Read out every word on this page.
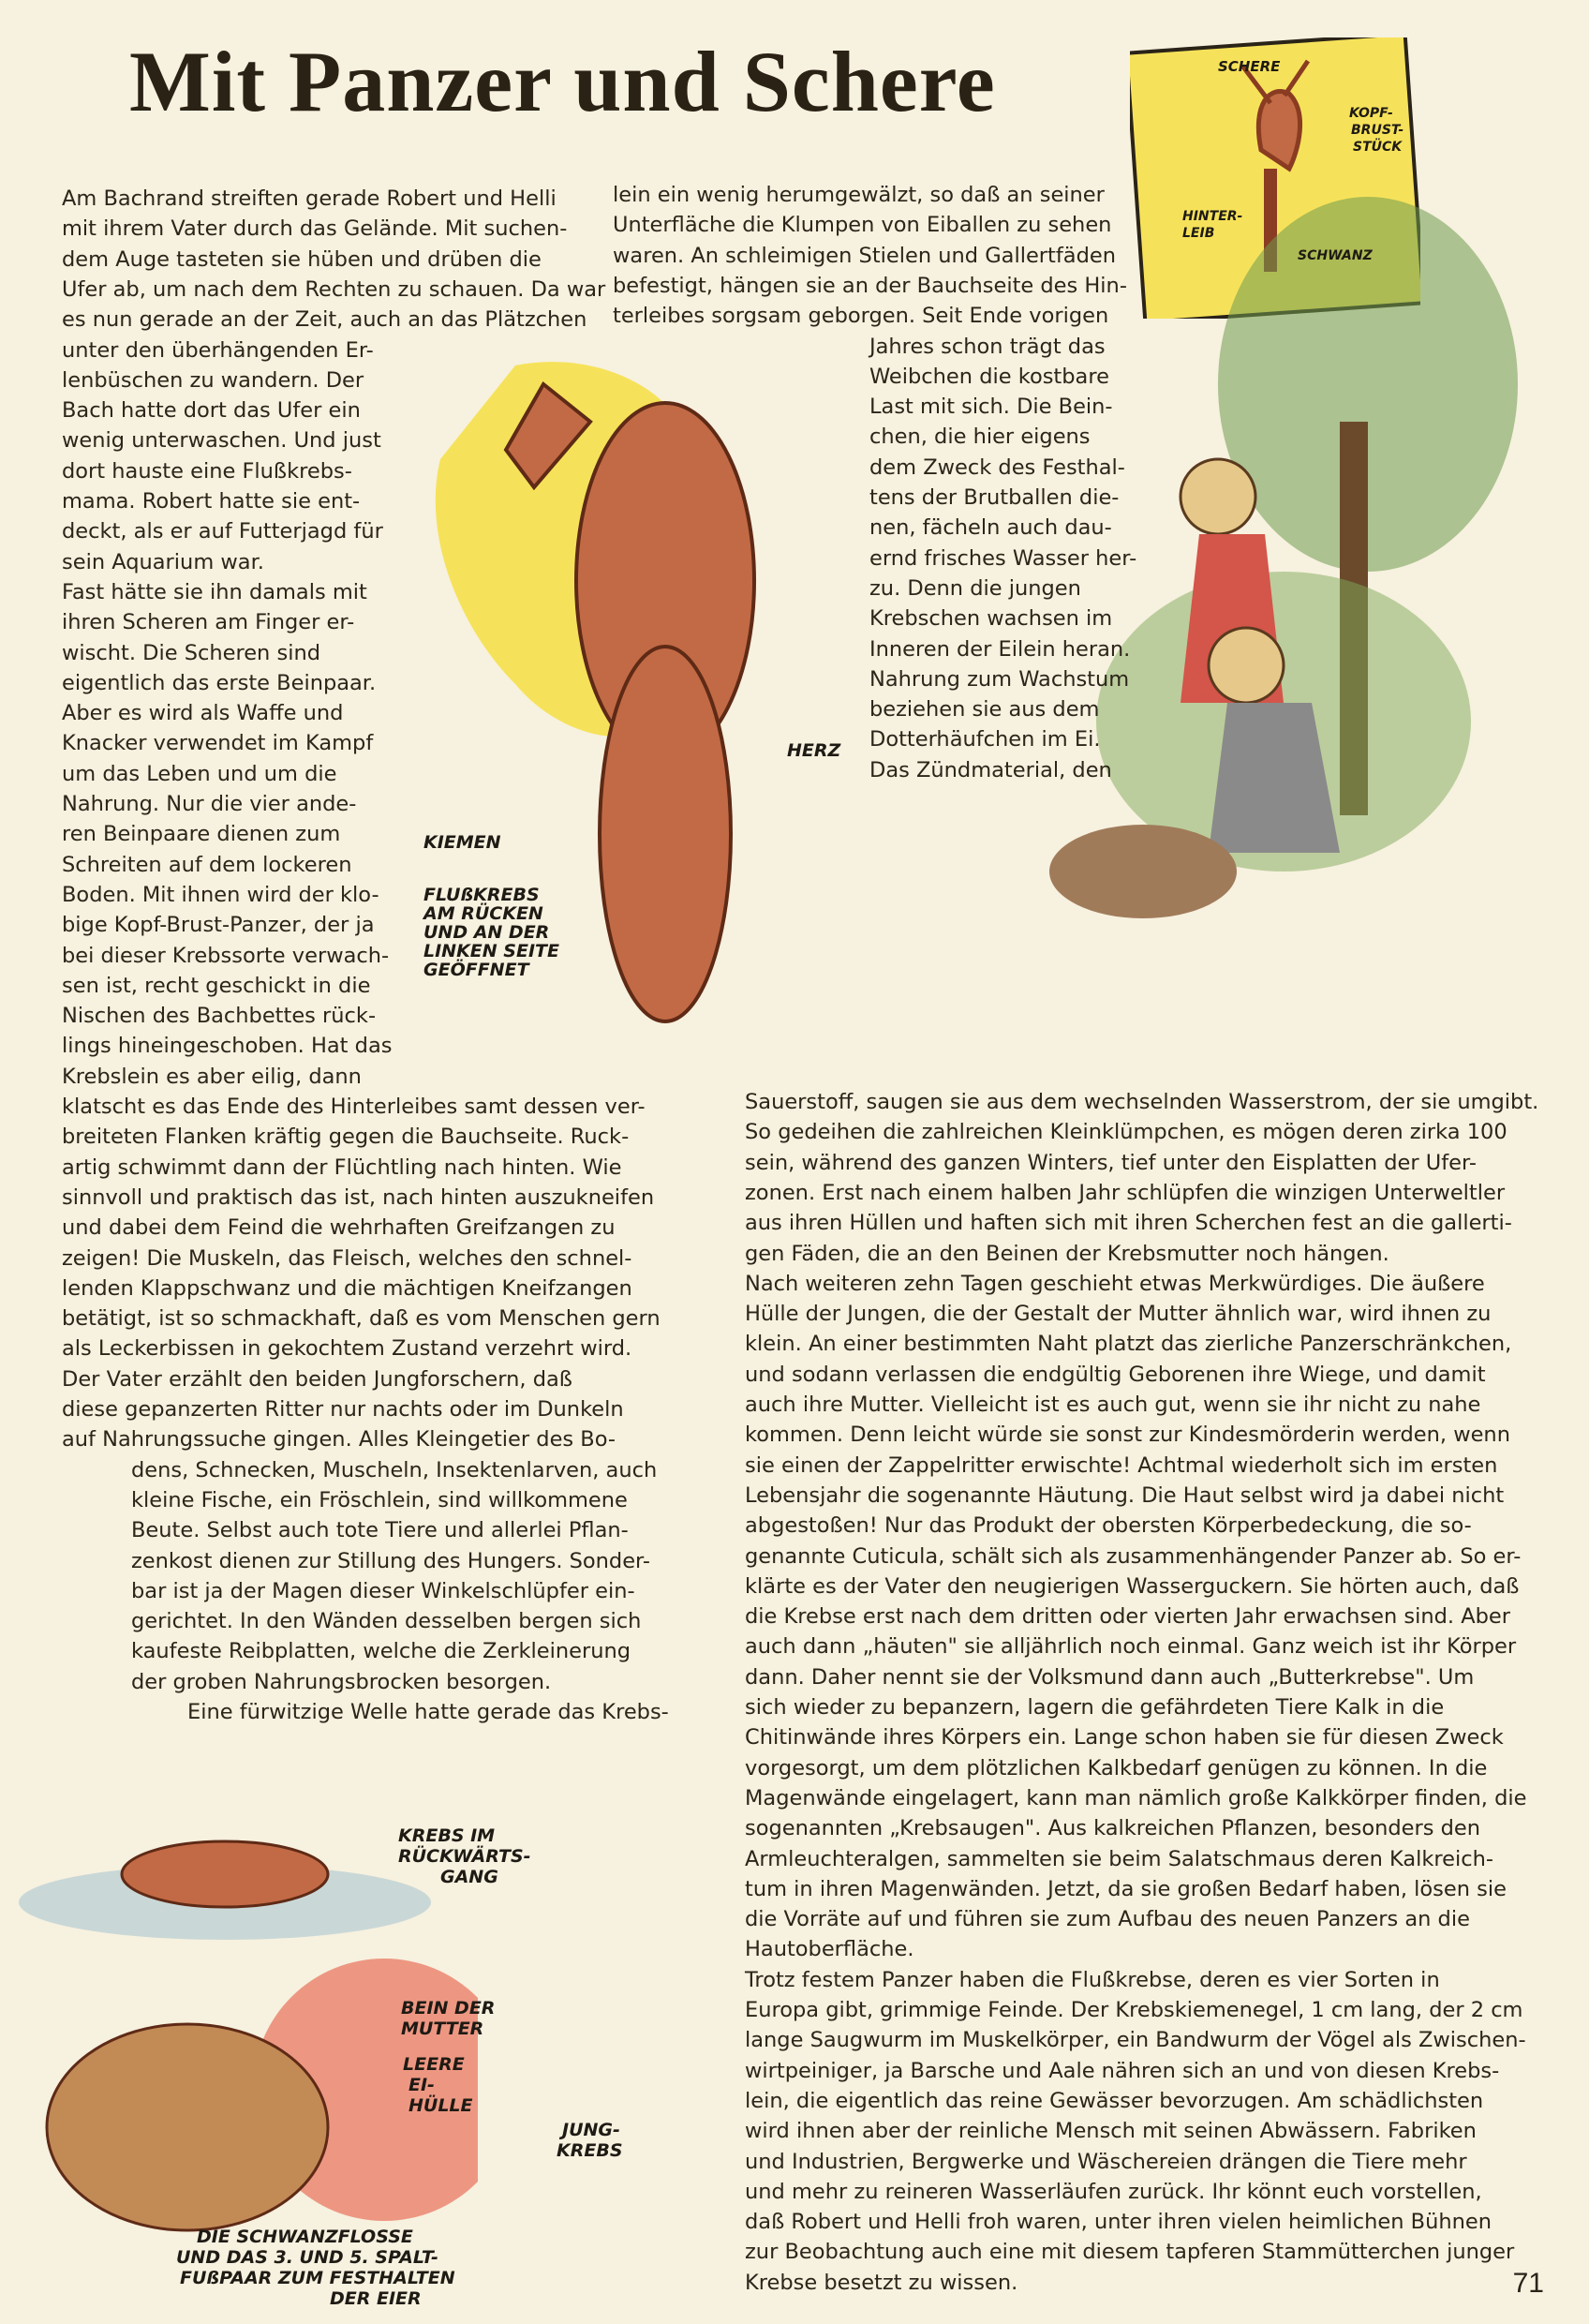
Mit Panzer und Schere	SCHERE
KOPF-
BRUST-
STÜCK
HINTER-
LEIB
SCHWANZ
HERZ
KIEMEN
FLUßKREBS
AM RÜCKEN
UND AN DER
LINKEN SEITE
GEÖFFNET
KREBS IM
RÜCKWÄRTS-
GANG
BEIN DER
MUTTER
LEERE
EI-
HÜLLE
JUNG-
KREBS
DIE SCHWANZFLOSSE
UND DAS 3. UND 5. SPALT-
FUßPAAR ZUM FESTHALTEN
DER EIER
Am Bachrand streiften gerade Robert und Helli
mit ihrem Vater durch das Gelände. Mit suchen-
dem Auge tasteten sie hüben und drüben die
Ufer ab, um nach dem Rechten zu schauen. Da war
es nun gerade an der Zeit, auch an das Plätzchen
unter den überhängenden Er-
lenbüschen zu wandern. Der
Bach hatte dort das Ufer ein
wenig unterwaschen. Und just
dort hauste eine Flußkrebs-
mama. Robert hatte sie ent-
deckt, als er auf Futterjagd für
sein Aquarium war.
Fast hätte sie ihn damals mit
ihren Scheren am Finger er-
wischt. Die Scheren sind
eigentlich das erste Beinpaar.
Aber es wird als Waffe und
Knacker verwendet im Kampf
um das Leben und um die
Nahrung. Nur die vier ande-
ren Beinpaare dienen zum
Schreiten auf dem lockeren
Boden. Mit ihnen wird der klo-
bige Kopf-Brust-Panzer, der ja
bei dieser Krebssorte verwach-
sen ist, recht geschickt in die
Nischen des Bachbettes rück-
lings hineingeschoben. Hat das
Krebslein es aber eilig, dann
klatscht es das Ende des Hinterleibes samt dessen ver-
breiteten Flanken kräftig gegen die Bauchseite. Ruck-
artig schwimmt dann der Flüchtling nach hinten. Wie
sinnvoll und praktisch das ist, nach hinten auszukneifen
und dabei dem Feind die wehrhaften Greifzangen zu
zeigen! Die Muskeln, das Fleisch, welches den schnel-
lenden Klappschwanz und die mächtigen Kneifzangen
betätigt, ist so schmackhaft, daß es vom Menschen gern
als Leckerbissen in gekochtem Zustand verzehrt wird.
Der Vater erzählt den beiden Jungforschern, daß
diese gepanzerten Ritter nur nachts oder im Dunkeln
auf Nahrungssuche gingen. Alles Kleingetier des Bo-
dens, Schnecken, Muscheln, Insektenlarven, auch
kleine Fische, ein Fröschlein, sind willkommene
Beute. Selbst auch tote Tiere und allerlei Pflan-
zenkost dienen zur Stillung des Hungers. Sonder-
bar ist ja der Magen dieser Winkelschlüpfer ein-
gerichtet. In den Wänden desselben bergen sich
kaufeste Reibplatten, welche die Zerkleinerung
der groben Nahrungsbrocken besorgen.
Eine fürwitzige Welle hatte gerade das Krebs-
lein ein wenig herumgewälzt, so daß an seiner
Unterfläche die Klumpen von Eiballen zu sehen
waren. An schleimigen Stielen und Gallertfäden
befestigt, hängen sie an der Bauchseite des Hin-
terleibes sorgsam geborgen. Seit Ende vorigen
Jahres schon trägt das
Weibchen die kostbare
Last mit sich. Die Bein-
chen, die hier eigens
dem Zweck des Festhal-
tens der Brutballen die-
nen, fächeln auch dau-
ernd frisches Wasser her-
zu. Denn die jungen
Krebschen wachsen im
Inneren der Eilein heran.
Nahrung zum Wachstum
beziehen sie aus dem
Dotterhäufchen im Ei.
Das Zündmaterial, den
Sauerstoff, saugen sie aus dem wechselnden Wasserstrom, der sie umgibt.
So gedeihen die zahlreichen Kleinklümpchen, es mögen deren zirka 100
sein, während des ganzen Winters, tief unter den Eisplatten der Ufer-
zonen. Erst nach einem halben Jahr schlüpfen die winzigen Unterweltler
aus ihren Hüllen und haften sich mit ihren Scherchen fest an die gallerti-
gen Fäden, die an den Beinen der Krebsmutter noch hängen.
Nach weiteren zehn Tagen geschieht etwas Merkwürdiges. Die äußere
Hülle der Jungen, die der Gestalt der Mutter ähnlich war, wird ihnen zu
klein. An einer bestimmten Naht platzt das zierliche Panzerschränkchen,
und sodann verlassen die endgültig Geborenen ihre Wiege, und damit
auch ihre Mutter. Vielleicht ist es auch gut, wenn sie ihr nicht zu nahe
kommen. Denn leicht würde sie sonst zur Kindesmörderin werden, wenn
sie einen der Zappelritter erwischte! Achtmal wiederholt sich im ersten
Lebensjahr die sogenannte Häutung. Die Haut selbst wird ja dabei nicht
abgestoßen! Nur das Produkt der obersten Körperbedeckung, die so-
genannte Cuticula, schält sich als zusammenhängender Panzer ab. So er-
klärte es der Vater den neugierigen Wasserguckern. Sie hörten auch, daß
die Krebse erst nach dem dritten oder vierten Jahr erwachsen sind. Aber
auch dann „häuten" sie alljährlich noch einmal. Ganz weich ist ihr Körper
dann. Daher nennt sie der Volksmund dann auch „Butterkrebse". Um
sich wieder zu bepanzern, lagern die gefährdeten Tiere Kalk in die
Chitinwände ihres Körpers ein. Lange schon haben sie für diesen Zweck
vorgesorgt, um dem plötzlichen Kalkbedarf genügen zu können. In die
Magenwände eingelagert, kann man nämlich große Kalkkörper finden, die
sogenannten „Krebsaugen". Aus kalkreichen Pflanzen, besonders den
Armleuchteralgen, sammelten sie beim Salatschmaus deren Kalkreich-
tum in ihren Magenwänden. Jetzt, da sie großen Bedarf haben, lösen sie
die Vorräte auf und führen sie zum Aufbau des neuen Panzers an die
Hautoberfläche.
Trotz festem Panzer haben die Flußkrebse, deren es vier Sorten in
Europa gibt, grimmige Feinde. Der Krebskiemenegel, 1 cm lang, der 2 cm
lange Saugwurm im Muskelkörper, ein Bandwurm der Vögel als Zwischen-
wirtpeiniger, ja Barsche und Aale nähren sich an und von diesen Krebs-
lein, die eigentlich das reine Gewässer bevorzugen. Am schädlichsten
wird ihnen aber der reinliche Mensch mit seinen Abwässern. Fabriken
und Industrien, Bergwerke und Wäschereien drängen die Tiere mehr
und mehr zu reineren Wasserläufen zurück. Ihr könnt euch vorstellen,
daß Robert und Helli froh waren, unter ihren vielen heimlichen Bühnen
zur Beobachtung auch eine mit diesem tapferen Stammütterchen junger
Krebse besetzt zu wissen.	71
